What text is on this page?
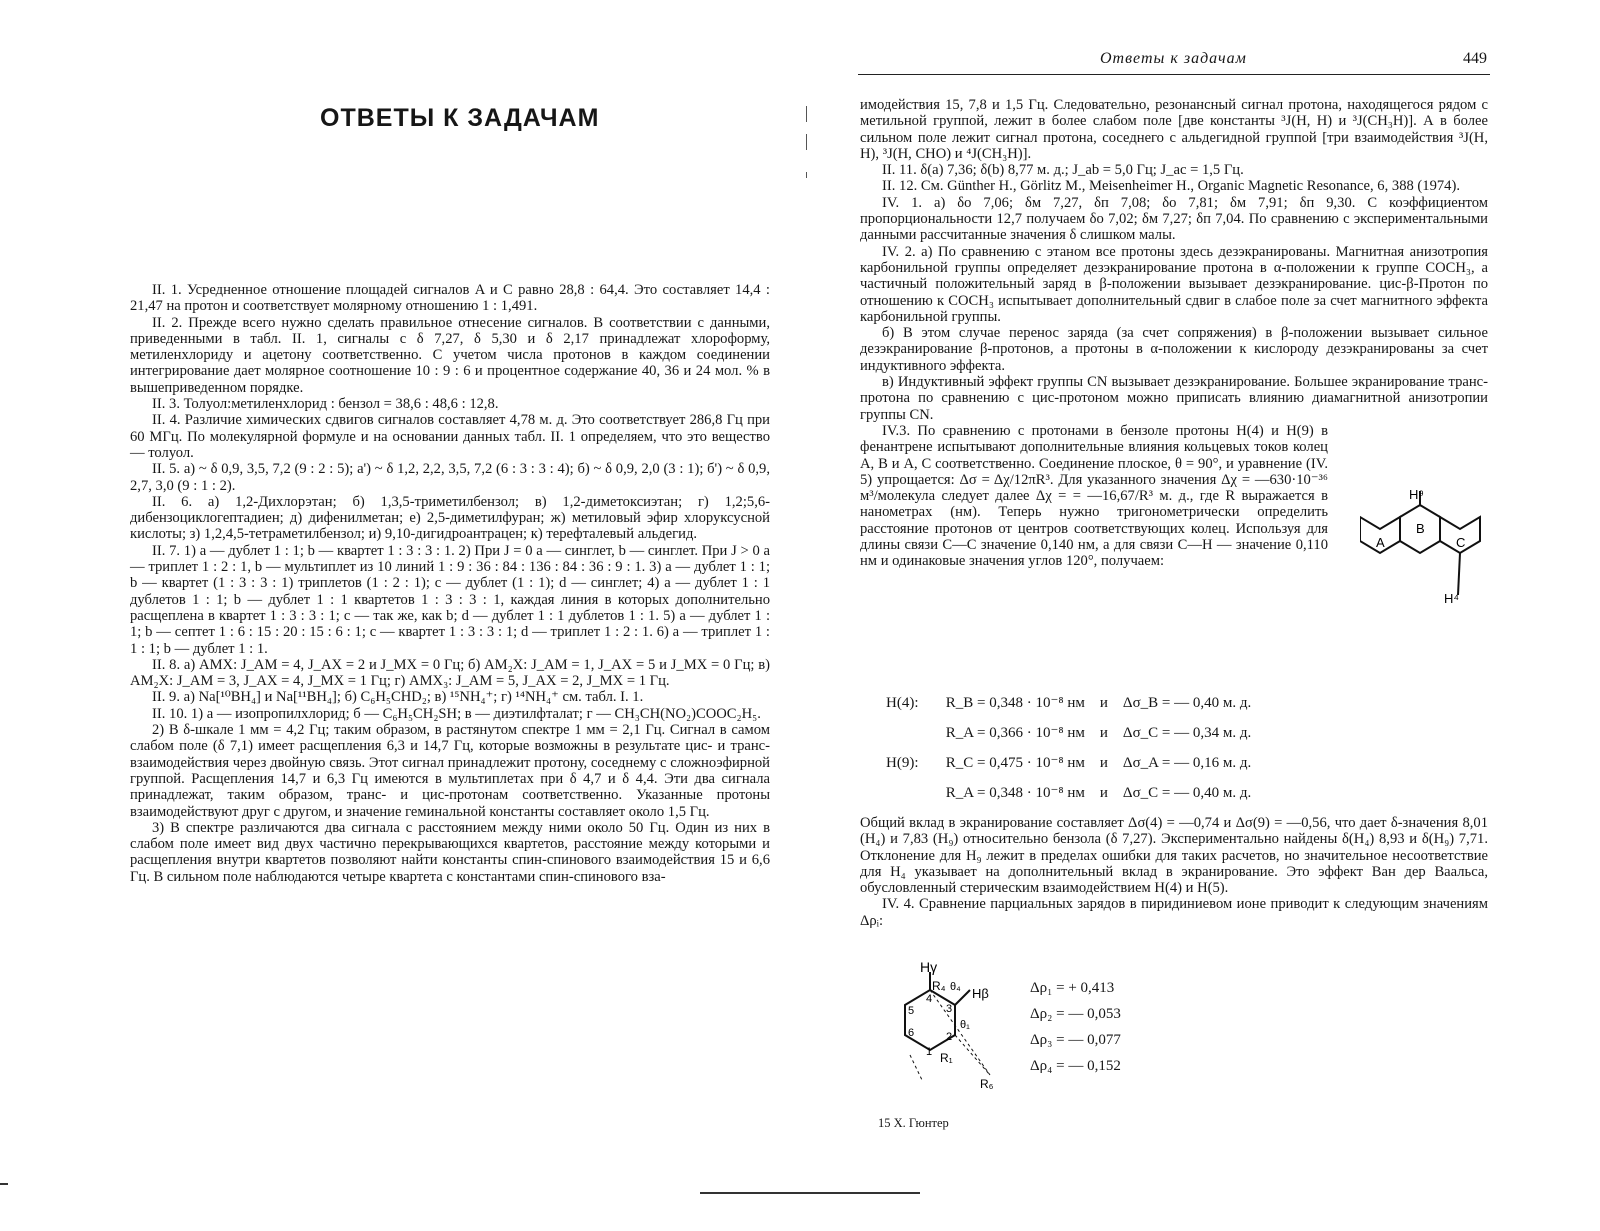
ОТВЕТЫ К ЗАДАЧАМ

II. 1. Усредненное отношение площадей сигналов A и C равно 28,8 : 64,4. Это составляет 14,4 : 21,47 на протон и соответствует молярному отношению 1 : 1,491.

II. 2. Прежде всего нужно сделать правильное отнесение сигналов. В соответствии с данными, приведенными в табл. II. 1, сигналы с δ 7,27, δ 5,30 и δ 2,17 принадлежат хлороформу, метиленхлориду и ацетону соответственно. С учетом числа протонов в каждом соединении интегрирование дает молярное соотношение 10 : 9 : 6 и процентное содержание 40, 36 и 24 мол. % в вышеприведенном порядке.

II. 3. Толуол:метиленхлорид : бензол = 38,6 : 48,6 : 12,8.

II. 4. Различие химических сдвигов сигналов составляет 4,78 м. д. Это соответствует 286,8 Гц при 60 МГц. По молекулярной формуле и на основании данных табл. II. 1 определяем, что это вещество — толуол.

II. 5. а) ~ δ 0,9, 3,5, 7,2 (9 : 2 : 5); а') ~ δ 1,2, 2,2, 3,5, 7,2 (6 : 3 : 3 : 4); б) ~ δ 0,9, 2,0 (3 : 1); б') ~ δ 0,9, 2,7, 3,0 (9 : 1 : 2).

II. 6. а) 1,2-Дихлорэтан; б) 1,3,5-триметилбензол; в) 1,2-диметоксиэтан; г) 1,2;5,6-дибензоциклогептадиен; д) дифенилметан; е) 2,5-диметилфуран; ж) метиловый эфир хлоруксусной кислоты; з) 1,2,4,5-тетраметилбензол; и) 9,10-дигидроантрацен; к) терефталевый альдегид.

II. 7. 1) a — дублет 1 : 1; b — квартет 1 : 3 : 3 : 1. 2) При J = 0 a — синглет, b — синглет. При J > 0 a — триплет 1 : 2 : 1, b — мультиплет из 10 линий 1 : 9 : 36 : 84 : 136 : 84 : 36 : 9 : 1. 3) a — дублет 1 : 1; b — квартет (1 : 3 : 3 : 1) триплетов (1 : 2 : 1); c — дублет (1 : 1); d — синглет; 4) a — дублет 1 : 1 дублетов 1 : 1; b — дублет 1 : 1 квартетов 1 : 3 : 3 : 1, каждая линия в которых дополнительно расщеплена в квартет 1 : 3 : 3 : 1; c — так же, как b; d — дублет 1 : 1 дублетов 1 : 1. 5) a — дублет 1 : 1; b — септет 1 : 6 : 15 : 20 : 15 : 6 : 1; c — квартет 1 : 3 : 3 : 1; d — триплет 1 : 2 : 1. 6) a — триплет 1 : 1 : 1; b — дублет 1 : 1.

II. 8. а) AMX: J_AM = 4, J_AX = 2 и J_MX = 0 Гц; б) AM₂X: J_AM = 1, J_AX = 5 и J_MX = 0 Гц; в) AM₂X: J_AM = 3, J_AX = 4, J_MX = 1 Гц; г) AMX₃: J_AM = 5, J_AX = 2, J_MX = 1 Гц.

II. 9. а) Na[¹⁰BH₄] и Na[¹¹BH₄]; б) C₆H₅CHD₂; в) ¹⁵NH₄⁺; г) ¹⁴NH₄⁺ см. табл. I. 1.

II. 10. 1) а — изопропилхлорид; б — C₆H₅CH₂SH; в — диэтилфталат; г — CH₃CH(NO₂)COOC₂H₅.

2) В δ-шкале 1 мм = 4,2 Гц; таким образом, в растянутом спектре 1 мм = 2,1 Гц. Сигнал в самом слабом поле (δ 7,1) имеет расщепления 6,3 и 14,7 Гц, которые возможны в результате цис- и транс-взаимодействия через двойную связь. Этот сигнал принадлежит протону, соседнему с сложноэфирной группой. Расщепления 14,7 и 6,3 Гц имеются в мультиплетах при δ 4,7 и δ 4,4. Эти два сигнала принадлежат, таким образом, транс- и цис-протонам соответственно. Указанные протоны взаимодействуют друг с другом, и значение геминальной константы составляет около 1,5 Гц.

3) В спектре различаются два сигнала с расстоянием между ними около 50 Гц. Один из них в слабом поле имеет вид двух частично перекрывающихся квартетов, расстояние между которыми и расщепления внутри квартетов позволяют найти константы спин-спинового взаимодействия 15 и 6,6 Гц. В сильном поле наблюдаются четыре квартета с константами спин-спинового вза-

Ответы к задачам	449

имодействия 15, 7,8 и 1,5 Гц. Следовательно, резонансный сигнал протона, находящегося рядом с метильной группой, лежит в более слабом поле [две константы ³J(H, H) и ³J(CH₃H)]. А в более сильном поле лежит сигнал протона, соседнего с альдегидной группой [три взаимодействия ³J(H, H), ³J(H, CHO) и ⁴J(CH₃H)].

II. 11. δ(a) 7,36; δ(b) 8,77 м. д.; J_ab = 5,0 Гц; J_ac = 1,5 Гц.

II. 12. См. Günther H., Görlitz M., Meisenheimer H., Organic Magnetic Resonance, 6, 388 (1974).

IV. 1. а) δo 7,06; δм 7,27, δп 7,08; δo 7,81; δм 7,91; δп 9,30. С коэффициентом пропорциональности 12,7 получаем δo 7,02; δм 7,27; δп 7,04. По сравнению с экспериментальными данными рассчитанные значения δ слишком малы.

IV. 2. а) По сравнению с этаном все протоны здесь дезэкранированы. Магнитная анизотропия карбонильной группы определяет дезэкранирование протона в α-положении к группе COCH₃, а частичный положительный заряд в β-положении вызывает дезэкранирование. цис-β-Протон по отношению к COCH₃ испытывает дополнительный сдвиг в слабое поле за счет магнитного эффекта карбонильной группы.

б) В этом случае перенос заряда (за счет сопряжения) в β-положении вызывает сильное дезэкранирование β-протонов, а протоны в α-положении к кислороду дезэкранированы за счет индуктивного эффекта.

в) Индуктивный эффект группы CN вызывает дезэкранирование. Большее экранирование транс-протона по сравнению с цис-протоном можно приписать влиянию диамагнитной анизотропии группы CN.

IV.3. По сравнению с протонами в бензоле протоны H(4) и H(9) в фенантрене испытывают дополнительные влияния кольцевых токов колец A, B и A, C соответственно. Соединение плоское, θ = 90°, и уравнение (IV. 5) упрощается: Δσ = Δχ/12πR³. Для указанного значения Δχ = —630·10⁻³⁶ м³/молекула следует далее Δχ = = —16,67/R³ м. д., где R выражается в нанометрах (нм). Теперь нужно тригонометрически определить расстояние протонов от центров соответствующих колец. Используя для длины связи C—C значение 0,140 нм, а для связи C—H — значение 0,110 нм и одинаковые значения углов 120°, получаем:

H⁹
H⁴
A
B
C
H(4): R_B = 0,348 · 10⁻⁸ нм и Δσ_B = — 0,40 м. д.
R_A = 0,366 · 10⁻⁸ нм и Δσ_C = — 0,34 м. д.
H(9): R_C = 0,475 · 10⁻⁸ нм и Δσ_A = — 0,16 м. д.
R_A = 0,348 · 10⁻⁸ нм и Δσ_C = — 0,40 м. д.

Общий вклад в экранирование составляет Δσ(4) = —0,74 и Δσ(9) = —0,56, что дает δ-значения 8,01 (H₄) и 7,83 (H₉) относительно бензола (δ 7,27). Экспериментально найдены δ(H₄) 8,93 и δ(H₉) 7,71. Отклонение для H₉ лежит в пределах ошибки для таких расчетов, но значительное несоответствие для H₄ указывает на дополнительный вклад в экранирование. Это эффект Ван дер Ваальса, обусловленный стерическим взаимодействием H(4) и H(5).

IV. 4. Сравнение парциальных зарядов в пиридиниевом ионе приводит к следующим значениям Δρᵢ:

Hγ
Hβ
R₄ θ₄
θ₁
R₁
R₆
1
2
3
4
5
6
Δρ₁ = + 0,413
Δρ₂ = — 0,053
Δρ₃ = — 0,077
Δρ₄ = — 0,152
15 Х. Гюнтер
